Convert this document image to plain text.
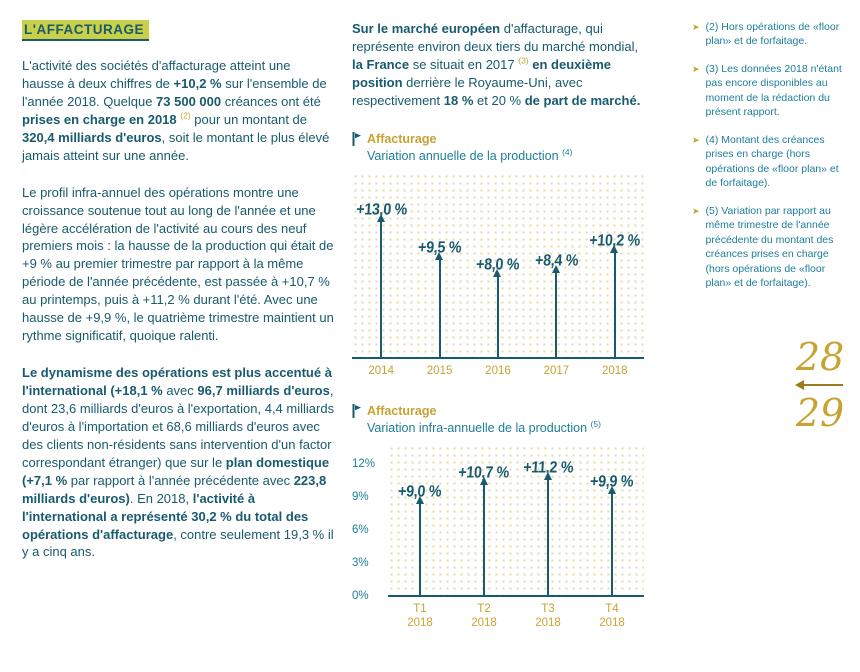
L'AFFACTURAGE

L'activité des sociétés d'affacturage atteint une hausse à deux chiffres de +10,2 % sur l'ensemble de l'année 2018. Quelque 73 500 000 créances ont été prises en charge en 2018 $^{(2)}$ pour un montant de 320,4 milliards d'euros, soit le montant le plus élevé jamais atteint sur une année.

Le profil infra-annuel des opérations montre une croissance soutenue tout au long de l'année et une légère accélération de l'activité au cours des neuf premiers mois : la hausse de la production qui était de +9 % au premier trimestre par rapport à la même période de l'année précédente, est passée à +10,7 % au printemps, puis à +11,2 % durant l'été. Avec une hausse de +9,9 %, le quatrième trimestre maintient un rythme significatif, quoique ralenti.

Le dynamisme des opérations est plus accentué à l'international (+18,1 % avec 96,7 milliards d'euros, dont 23,6 milliards d'euros à l'exportation, 4,4 milliards d'euros à l'importation et 68,6 milliards d'euros avec des clients non-résidents sans intervention d'un factor correspondant étranger) que sur le plan domestique (+7,1 % par rapport à l'année précédente avec 223,8 milliards d'euros). En 2018, l'activité à l'international a représenté 30,2 % du total des opérations d'affacturage, contre seulement 19,3 % il y a cinq ans.

Sur le marché européen d'affacturage, qui représente environ deux tiers du marché mondial, la France se situait en 2017 $^{(3)}$ en deuxième position derrière le Royaume-Uni, avec respectivement 18 % et 20 % de part de marché.

Affacturage
Variation annuelle de la production $^{(4)}$
+13,0 %
+9,5 %
+8,0 % +8,4 %
+10,2 %
2014	2015	2016	2017	2018
Affacturage
Variation infra-annuelle de la production $^{(5)}$
12%
9%
6%
3%
0%
+9,0 %
+10,7 % +11,2 %
+9,9 %
T1
2018
T2
2018
T3
2018
T4
2018
➤ (2) Hors opérations de «floor plan» et de forfaitage.
➤ (3) Les données 2018 n'étant pas encore disponibles au moment de la rédaction du présent rapport.
➤ (4) Montant des créances prises en charge (hors opérations de «floor plan» et de forfaitage).
➤ (5) Variation par rapport au même trimestre de l'année précédente du montant des créances prises en charge (hors opérations de «floor plan» et de forfaitage).
28
29
